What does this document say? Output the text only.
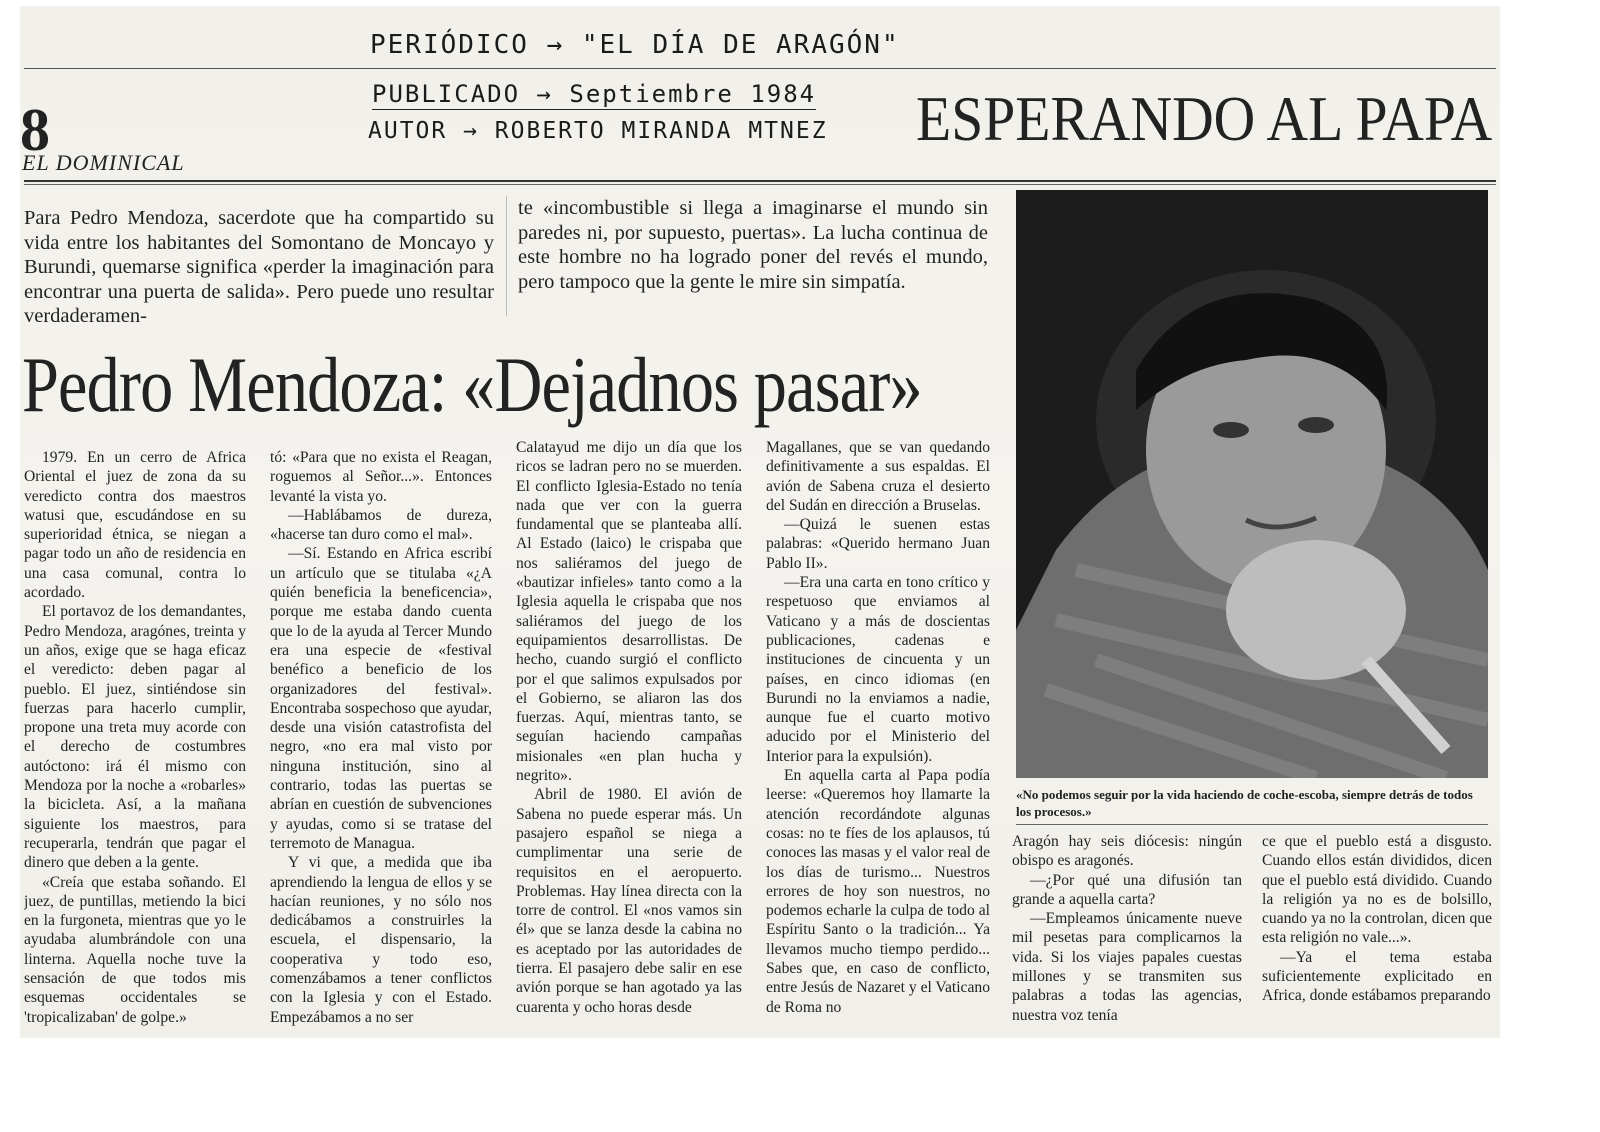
PERIÓDICO → "EL DÍA DE ARAGÓN"
PUBLICADO → Septiembre 1984
AUTOR → ROBERTO MIRANDA MTNEZ
8	ESPERANDO AL PAPA
EL DOMINICAL
Para Pedro Mendoza, sacerdote que ha compartido su vida entre los habitantes del Somontano de Moncayo y Burundi, quemarse significa «perder la imaginación para encontrar una puerta de salida». Pero puede uno resultar verdaderamen-
te «incombustible si llega a imaginarse el mundo sin paredes ni, por supuesto, puertas». La lucha continua de este hombre no ha logrado poner del revés el mundo, pero tampoco que la gente le mire sin simpatía.
Pedro Mendoza: «Dejadnos pasar»

1979. En un cerro de Africa Oriental el juez de zona da su veredicto contra dos maestros watusi que, escudándose en su superioridad étnica, se niegan a pagar todo un año de residencia en una casa comunal, contra lo acordado.

El portavoz de los demandantes, Pedro Mendoza, aragónes, treinta y un años, exige que se haga eficaz el veredicto: deben pagar al pueblo. El juez, sintiéndose sin fuerzas para hacerlo cumplir, propone una treta muy acorde con el derecho de costumbres autóctono: irá él mismo con Mendoza por la noche a «robarles» la bicicleta. Así, a la mañana siguiente los maestros, para recuperarla, tendrán que pagar el dinero que deben a la gente.

«Creía que estaba soñando. El juez, de puntillas, metiendo la bici en la furgoneta, mientras que yo le ayudaba alumbrándole con una linterna. Aquella noche tuve la sensación de que todos mis esquemas occidentales se 'tropicalizaban' de golpe.»

tó: «Para que no exista el Reagan, roguemos al Señor...». Entonces levanté la vista yo.

—Hablábamos de dureza, «hacerse tan duro como el mal».

—Sí. Estando en Africa escribí un artículo que se titulaba «¿A quién beneficia la beneficencia», porque me estaba dando cuenta que lo de la ayuda al Tercer Mundo era una especie de «festival benéfico a beneficio de los organizadores del festival». Encontraba sospechoso que ayudar, desde una visión catastrofista del negro, «no era mal visto por ninguna institución, sino al contrario, todas las puertas se abrían en cuestión de subvenciones y ayudas, como si se tratase del terremoto de Managua.

Y vi que, a medida que iba aprendiendo la lengua de ellos y se hacían reuniones, y no sólo nos dedicábamos a construirles la escuela, el dispensario, la cooperativa y todo eso, comenzábamos a tener conflictos con la Iglesia y con el Estado. Empezábamos a no ser

Calatayud me dijo un día que los ricos se ladran pero no se muerden. El conflicto Iglesia-Estado no tenía nada que ver con la guerra fundamental que se planteaba allí. Al Estado (laico) le crispaba que nos saliéramos del juego de «bautizar infieles» tanto como a la Iglesia aquella le crispaba que nos saliéramos del juego de los equipamientos desarrollistas. De hecho, cuando surgió el conflicto por el que salimos expulsados por el Gobierno, se aliaron las dos fuerzas. Aquí, mientras tanto, se seguían haciendo campañas misionales «en plan hucha y negrito».

Abril de 1980. El avión de Sabena no puede esperar más. Un pasajero español se niega a cumplimentar una serie de requisitos en el aeropuerto. Problemas. Hay línea directa con la torre de control. El «nos vamos sin él» que se lanza desde la cabina no es aceptado por las autoridades de tierra. El pasajero debe salir en ese avión porque se han agotado ya las cuarenta y ocho horas desde

Magallanes, que se van quedando definitivamente a sus espaldas. El avión de Sabena cruza el desierto del Sudán en dirección a Bruselas.

—Quizá le suenen estas palabras: «Querido hermano Juan Pablo II».

—Era una carta en tono crítico y respetuoso que enviamos al Vaticano y a más de doscientas publicaciones, cadenas e instituciones de cincuenta y un países, en cinco idiomas (en Burundi no la enviamos a nadie, aunque fue el cuarto motivo aducido por el Ministerio del Interior para la expulsión).

En aquella carta al Papa podía leerse: «Queremos hoy llamarte la atención recordándote algunas cosas: no te fíes de los aplausos, tú conoces las masas y el valor real de los días de turismo... Nuestros errores de hoy son nuestros, no podemos echarle la culpa de todo al Espíritu Santo o la tradición... Ya llevamos mucho tiempo perdido... Sabes que, en caso de conflicto, entre Jesús de Nazaret y el Vaticano de Roma no

«No podemos seguir por la vida haciendo de coche-escoba, siempre detrás de todos los procesos.»

Aragón hay seis diócesis: ningún obispo es aragonés.

—¿Por qué una difusión tan grande a aquella carta?

—Empleamos únicamente nueve mil pesetas para complicarnos la vida. Si los viajes papales cuestas millones y se transmiten sus palabras a todas las agencias, nuestra voz tenía

ce que el pueblo está a disgusto. Cuando ellos están divididos, dicen que el pueblo está dividido. Cuando la religión ya no es de bolsillo, cuando ya no la controlan, dicen que esta religión no vale...».

—Ya el tema estaba suficientemente explicitado en Africa, donde estábamos preparando
